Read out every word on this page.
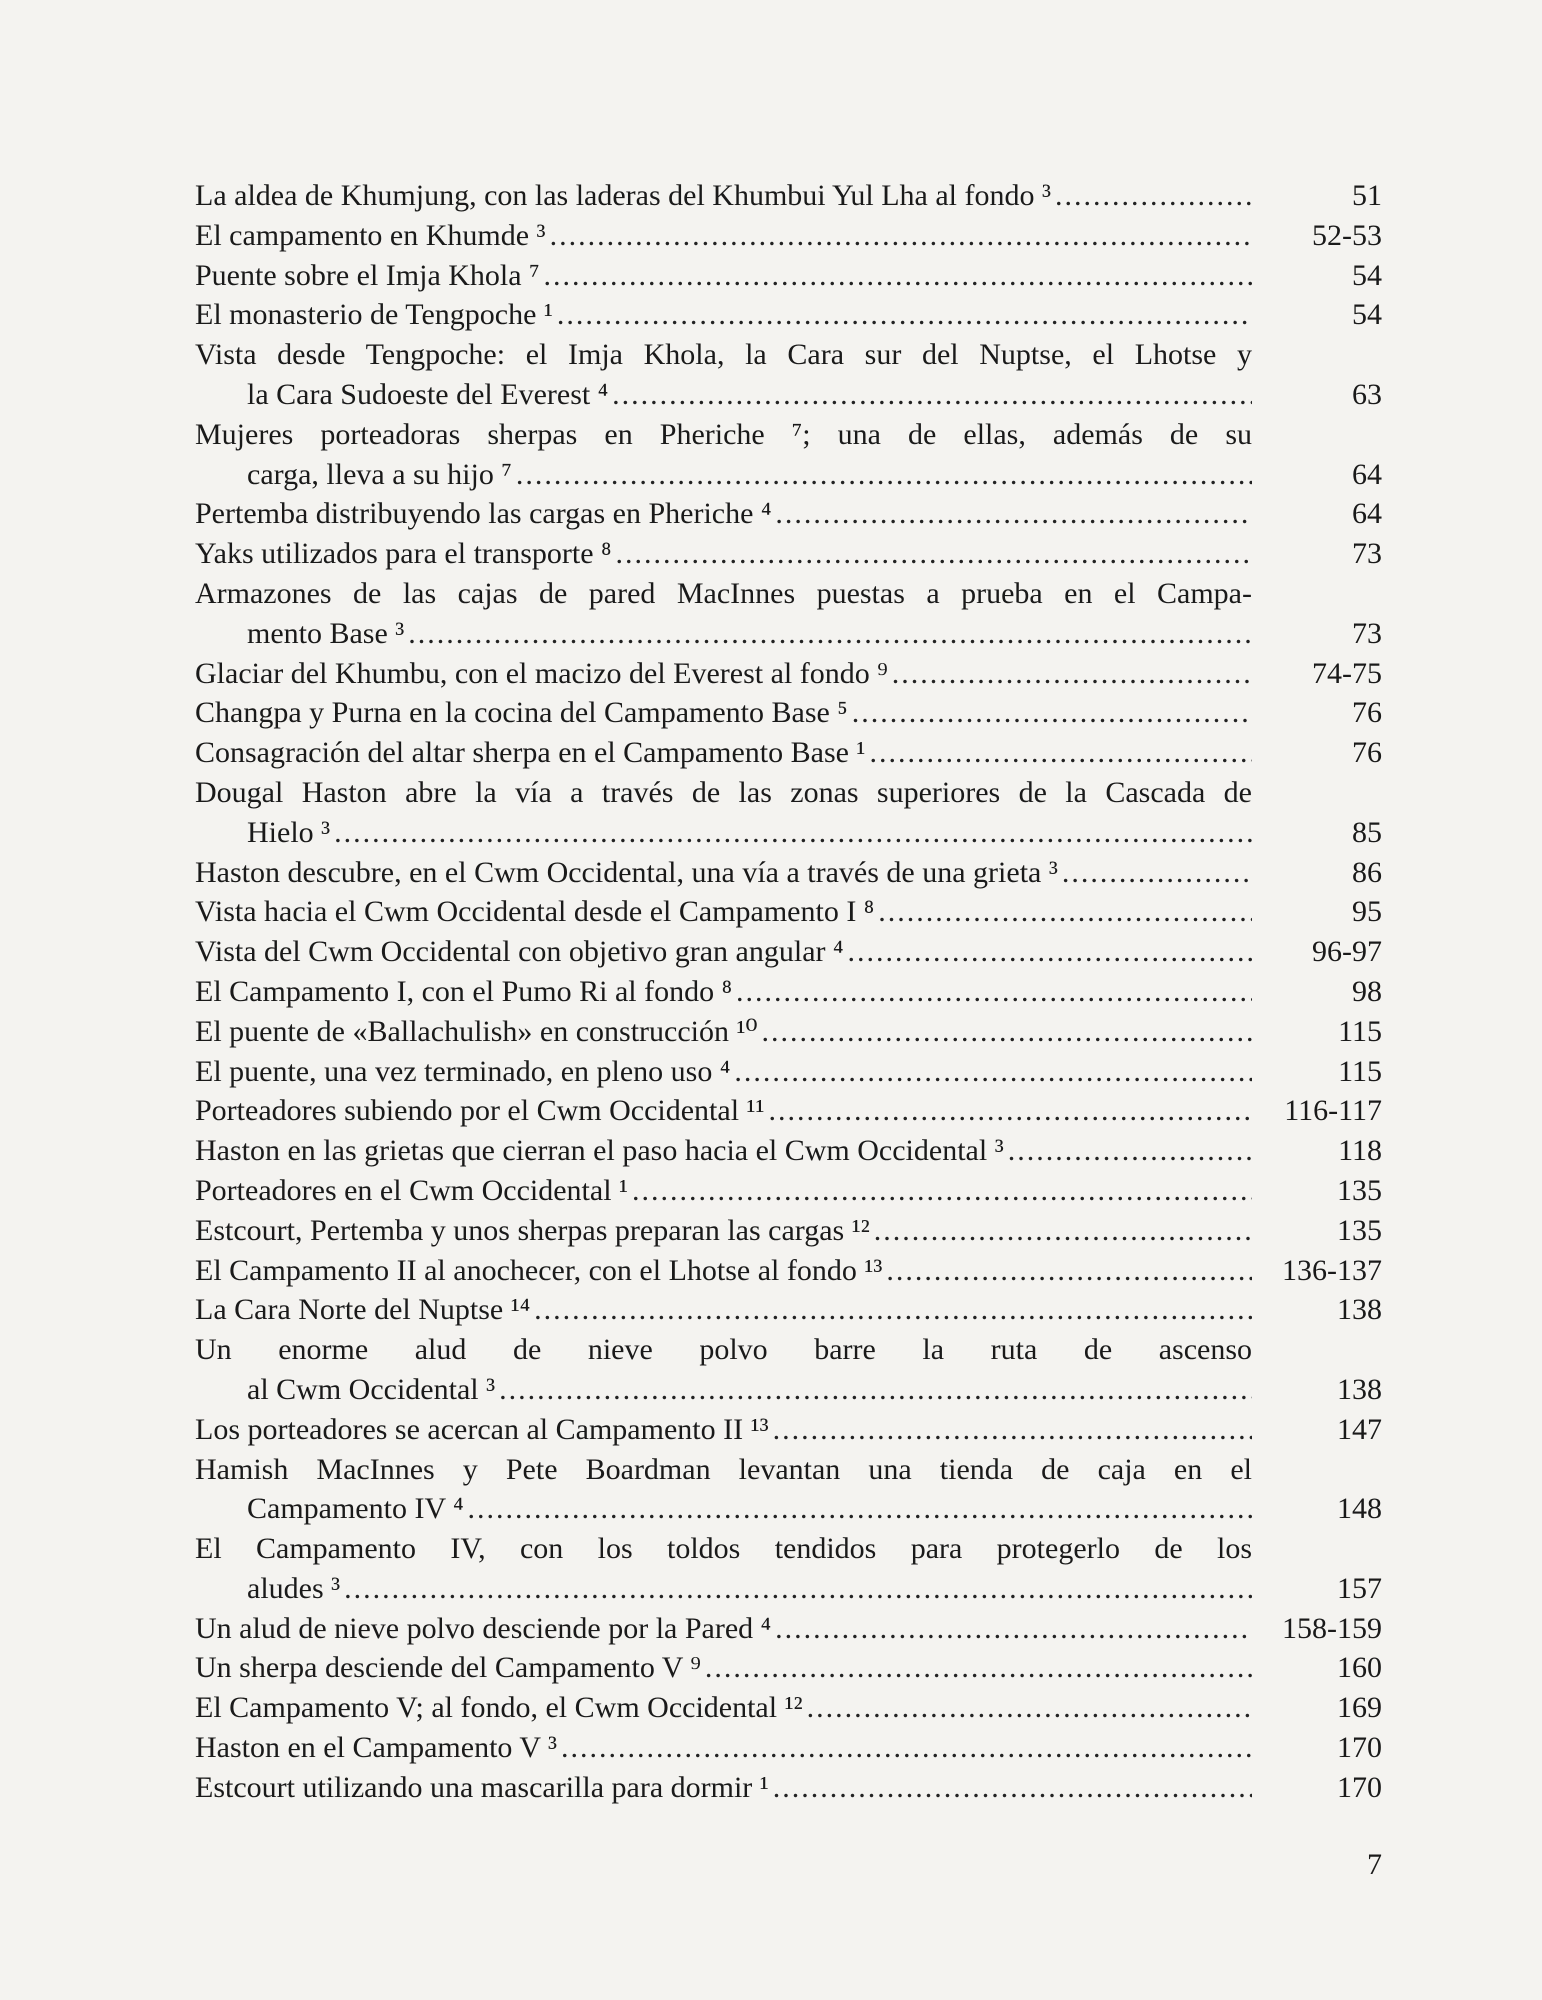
La aldea de Khumjung, con las laderas del Khumbui Yul Lha al fondo ³ .....	51
El campamento en Khumde ³ .....	52-53
Puente sobre el Imja Khola ⁷ .....	54
El monasterio de Tengpoche ¹ .....	54
Vista desde Tengpoche: el Imja Khola, la Cara sur del Nuptse, el Lhotse y
la Cara Sudoeste del Everest ⁴ .....	63
Mujeres porteadoras sherpas en Pheriche ⁷; una de ellas, además de su
carga, lleva a su hijo ⁷ .....	64
Pertemba distribuyendo las cargas en Pheriche ⁴ .....	64
Yaks utilizados para el transporte ⁸ .....	73
Armazones de las cajas de pared MacInnes puestas a prueba en el Campa-
mento Base ³ .....	73
Glaciar del Khumbu, con el macizo del Everest al fondo ⁹ .....	74-75
Changpa y Purna en la cocina del Campamento Base ⁵ .....	76
Consagración del altar sherpa en el Campamento Base ¹ .....	76
Dougal Haston abre la vía a través de las zonas superiores de la Cascada de
Hielo ³ .....	85
Haston descubre, en el Cwm Occidental, una vía a través de una grieta ³ .....	86
Vista hacia el Cwm Occidental desde el Campamento I ⁸ .....	95
Vista del Cwm Occidental con objetivo gran angular ⁴ .....	96-97
El Campamento I, con el Pumo Ri al fondo ⁸ .....	98
El puente de «Ballachulish» en construcción ¹⁰ .....	115
El puente, una vez terminado, en pleno uso ⁴ .....	115
Porteadores subiendo por el Cwm Occidental ¹¹ .....	116-117
Haston en las grietas que cierran el paso hacia el Cwm Occidental ³ .....	118
Porteadores en el Cwm Occidental ¹ .....	135
Estcourt, Pertemba y unos sherpas preparan las cargas ¹² .....	135
El Campamento II al anochecer, con el Lhotse al fondo ¹³ .....	136-137
La Cara Norte del Nuptse ¹⁴ .....	138
Un enorme alud de nieve polvo barre la ruta de ascenso
al Cwm Occidental ³ .....	138
Los porteadores se acercan al Campamento II ¹³ .....	147
Hamish MacInnes y Pete Boardman levantan una tienda de caja en el
Campamento IV ⁴ .....	148
El Campamento IV, con los toldos tendidos para protegerlo de los
aludes ³ .....	157
Un alud de nieve polvo desciende por la Pared ⁴ .....	158-159
Un sherpa desciende del Campamento V ⁹ .....	160
El Campamento V; al fondo, el Cwm Occidental ¹² .....	169
Haston en el Campamento V ³ .....	170
Estcourt utilizando una mascarilla para dormir ¹ .....	170
7
